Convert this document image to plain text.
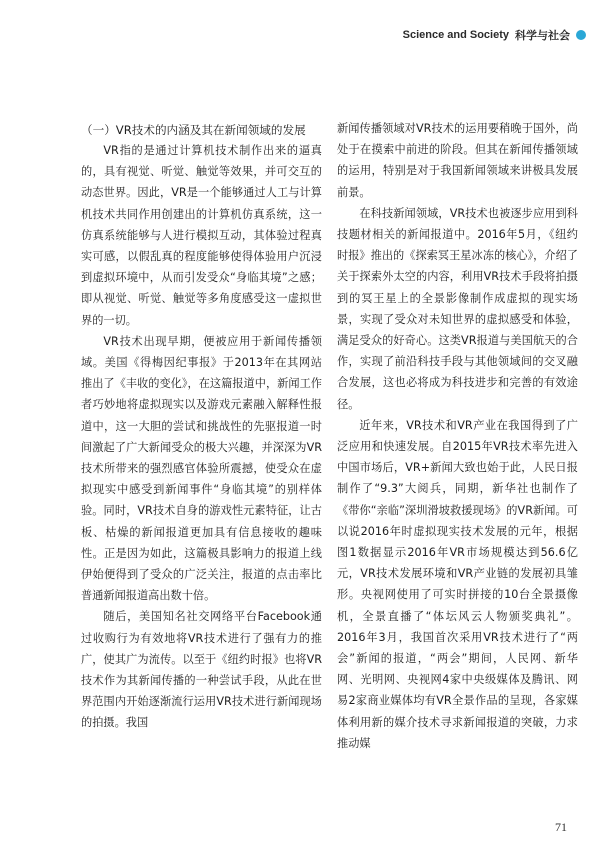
Science and Society 科学与社会

（一）VR技术的内涵及其在新闻领域的发展

VR指的是通过计算机技术制作出来的逼真的，具有视觉、听觉、触觉等效果，并可交互的动态世界。因此，VR是一个能够通过人工与计算机技术共同作用创建出的计算机仿真系统，这一仿真系统能够与人进行模拟互动，其体验过程真实可感，以假乱真的程度能够使得体验用户沉浸到虚拟环境中，从而引发受众“身临其境”之感；即从视觉、听觉、触觉等多角度感受这一虚拟世界的一切。

VR技术出现早期，便被应用于新闻传播领域。美国《得梅因纪事报》于2013年在其网站推出了《丰收的变化》，在这篇报道中，新闻工作者巧妙地将虚拟现实以及游戏元素融入解释性报道中，这一大胆的尝试和挑战性的先驱报道一时间激起了广大新闻受众的极大兴趣，并深深为VR技术所带来的强烈感官体验所震撼，使受众在虚拟现实中感受到新闻事件“身临其境”的别样体验。同时，VR技术自身的游戏性元素特征，让古板、枯燥的新闻报道更加具有信息接收的趣味性。正是因为如此，这篇极具影响力的报道上线伊始便得到了受众的广泛关注，报道的点击率比普通新闻报道高出数十倍。

随后，美国知名社交网络平台Facebook通过收购行为有效地将VR技术进行了强有力的推广，使其广为流传。以至于《纽约时报》也将VR技术作为其新闻传播的一种尝试手段，从此在世界范围内开始逐渐流行运用VR技术进行新闻现场的拍摄。我国

新闻传播领域对VR技术的运用要稍晚于国外，尚处于在摸索中前进的阶段。但其在新闻传播领域的运用，特别是对于我国新闻领域来讲极具发展前景。

在科技新闻领域，VR技术也被逐步应用到科技题材相关的新闻报道中。2016年5月，《纽约时报》推出的《探索冥王星冰冻的核心》，介绍了关于探索外太空的内容，利用VR技术手段将拍摄到的冥王星上的全景影像制作成虚拟的现实场景，实现了受众对未知世界的虚拟感受和体验，满足受众的好奇心。这类VR报道与美国航天的合作，实现了前沿科技手段与其他领域间的交叉融合发展，这也必将成为科技进步和完善的有效途径。

近年来，VR技术和VR产业在我国得到了广泛应用和快速发展。自2015年VR技术率先进入中国市场后，VR+新闻大致也始于此，人民日报制作了“9.3”大阅兵，同期，新华社也制作了《带你“亲临”深圳滑坡救援现场》的VR新闻。可以说2016年时虚拟现实技术发展的元年，根据图1数据显示2016年VR市场规模达到56.6亿元，VR技术发展环境和VR产业链的发展初具雏形。央视网使用了可实时拼接的10台全景摄像机，全景直播了“体坛风云人物颁奖典礼”。2016年3月，我国首次采用VR技术进行了“两会”新闻的报道，“两会”期间，人民网、新华网、光明网、央视网4家中央级媒体及腾讯、网易2家商业媒体均有VR全景作品的呈现，各家媒体利用新的媒介技术寻求新闻报道的突破，力求推动媒

71
